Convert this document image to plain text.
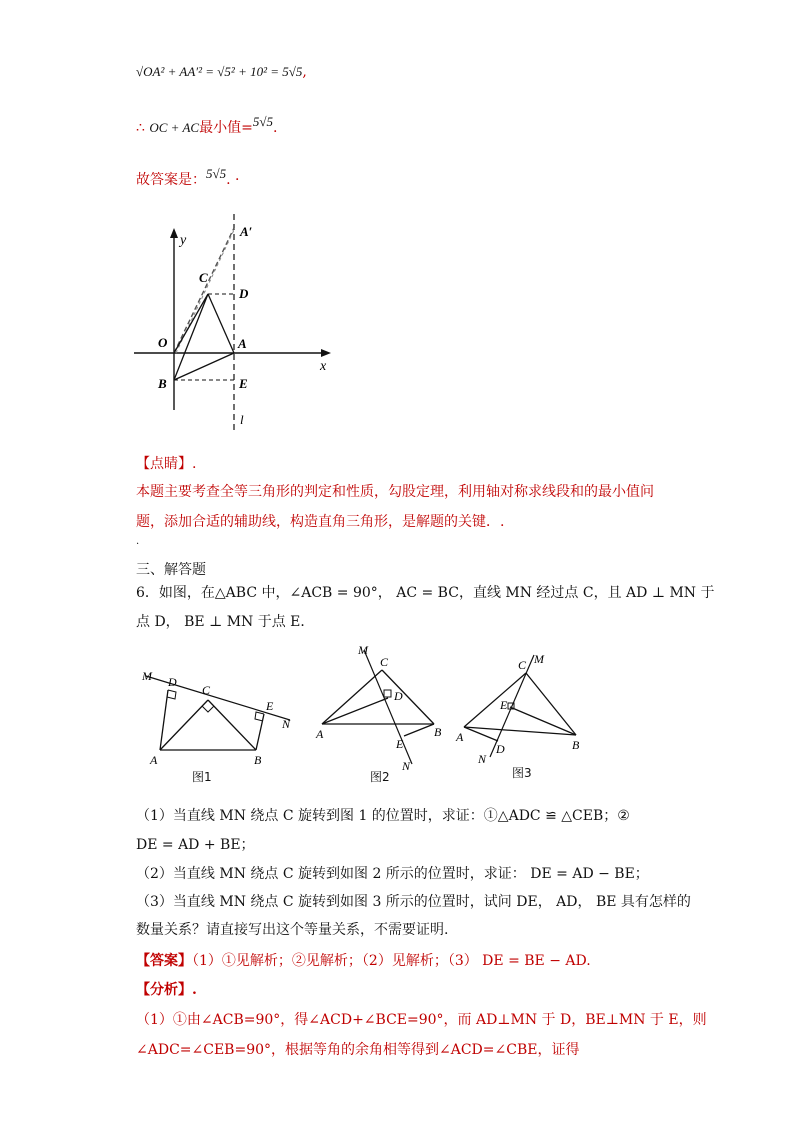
√OA² + AA′² = √5² + 10² = 5√5,
∴ OC + AC最小值=5√5.
故答案是：5√5. ·
y
x
O	A
A′
B
C
D
E
l
【点睛】.
本题主要考查全等三角形的判定和性质，勾股定理，利用轴对称求线段和的最小值问
题，添加合适的辅助线，构造直角三角形，是解题的关键．.
.
三、解答题
6．如图，在△ABC 中，∠ACB = 90°， AC = BC，直线 MN 经过点 C，且 AD ⊥ MN 于
点 D， BE ⊥ MN 于点 E．
M D
C
E
N
A	B
图1
M
C
D
E
B
A
N
图2
C M
E
A
D
N
B
图3
（1）当直线 MN 绕点 C 旋转到图 1 的位置时，求证：①△ADC ≌ △CEB；②
DE = AD + BE；
（2）当直线 MN 绕点 C 旋转到如图 2 所示的位置时，求证： DE = AD − BE；
（3）当直线 MN 绕点 C 旋转到如图 3 所示的位置时，试问 DE， AD， BE 具有怎样的
数量关系？请直接写出这个等量关系，不需要证明.
【答案】（1）①见解析；②见解析；（2）见解析；（3） DE = BE − AD.
【分析】.
（1）①由∠ACB=90°，得∠ACD+∠BCE=90°，而 AD⊥MN 于 D，BE⊥MN 于 E，则
∠ADC=∠CEB=90°，根据等角的余角相等得到∠ACD=∠CBE，证得
